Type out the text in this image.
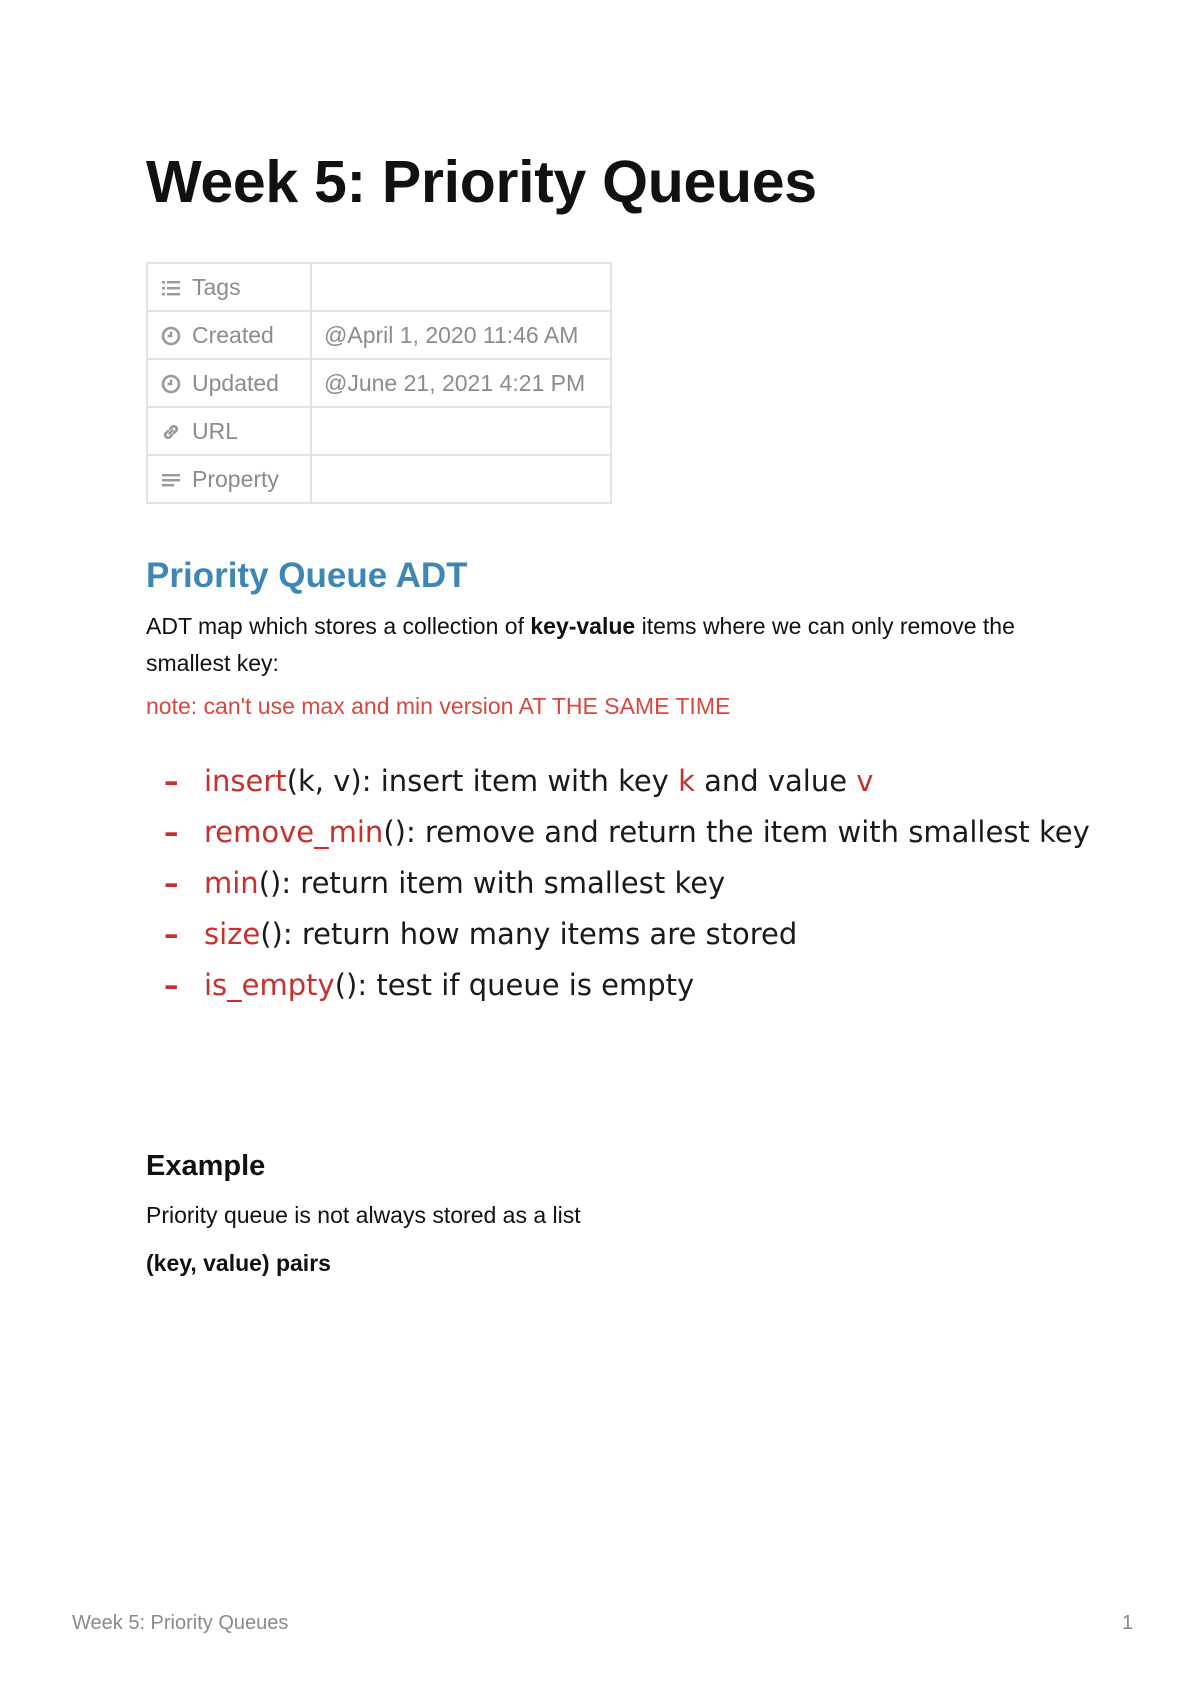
Week 5: Priority Queues
Tags	
Created	@April 1, 2020 11:46 AM
Updated	@June 21, 2021 4:21 PM
URL	
Property	
Priority Queue ADT

ADT map which stores a collection of key-value items where we can only remove the smallest key:

note: can't use max and min version AT THE SAME TIME

– insert(k, v): insert item with key k and value v
– remove_min(): remove and return the item with smallest key
– min(): return item with smallest key
– size(): return how many items are stored
– is_empty(): test if queue is empty
Example

Priority queue is not always stored as a list

(key, value) pairs

Week 5: Priority Queues	1
